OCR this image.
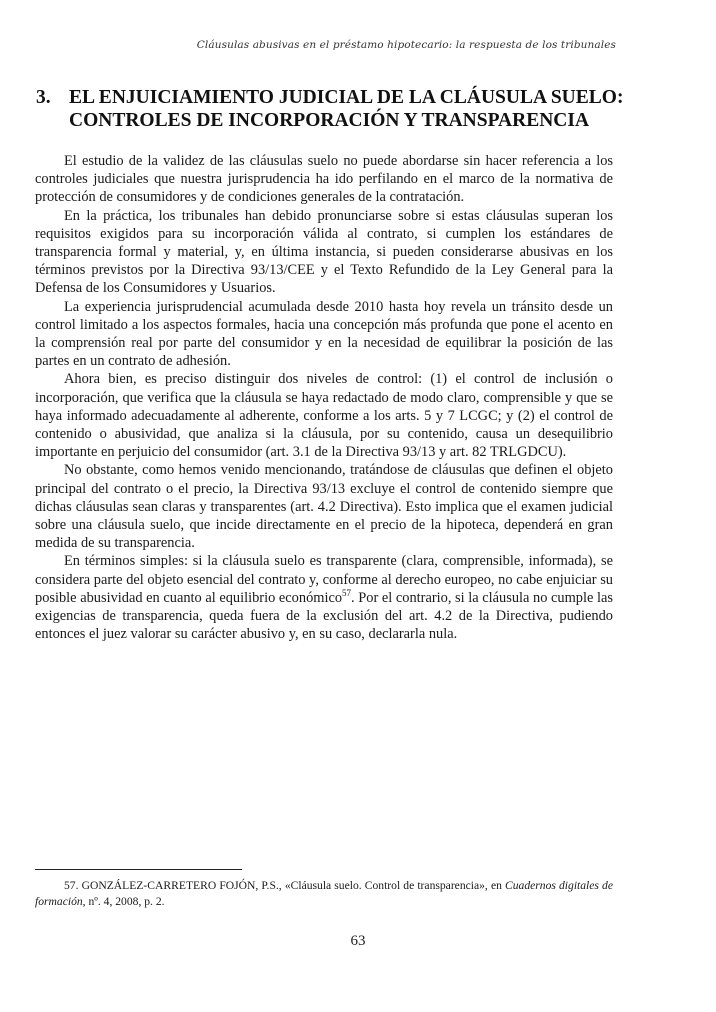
Cláusulas abusivas en el préstamo hipotecario: la respuesta de los tribunales
3. EL ENJUICIAMIENTO JUDICIAL DE LA CLÁUSULA SUELO: CONTROLES DE INCORPORACIÓN Y TRANSPARENCIA

El estudio de la validez de las cláusulas suelo no puede abordarse sin hacer referencia a los controles judiciales que nuestra jurisprudencia ha ido perfilando en el marco de la normativa de protección de consumidores y de condiciones generales de la contratación.

En la práctica, los tribunales han debido pronunciarse sobre si estas cláusulas superan los requisitos exigidos para su incorporación válida al contrato, si cumplen los estándares de transparencia formal y material, y, en última instancia, si pueden considerarse abusivas en los términos previstos por la Directiva 93/13/CEE y el Texto Refundido de la Ley General para la Defensa de los Consumidores y Usuarios.

La experiencia jurisprudencial acumulada desde 2010 hasta hoy revela un tránsito desde un control limitado a los aspectos formales, hacia una concepción más profunda que pone el acento en la comprensión real por parte del consumidor y en la necesidad de equilibrar la posición de las partes en un contrato de adhesión.

Ahora bien, es preciso distinguir dos niveles de control: (1) el control de inclusión o incorporación, que verifica que la cláusula se haya redactado de modo claro, comprensible y que se haya informado adecuadamente al adherente, conforme a los arts. 5 y 7 LCGC; y (2) el control de contenido o abusividad, que analiza si la cláusula, por su contenido, causa un desequilibrio importante en perjuicio del consumidor (art. 3.1 de la Directiva 93/13 y art. 82 TRLGDCU).

No obstante, como hemos venido mencionando, tratándose de cláusulas que definen el objeto principal del contrato o el precio, la Directiva 93/13 excluye el control de contenido siempre que dichas cláusulas sean claras y transparentes (art. 4.2 Directiva). Esto implica que el examen judicial sobre una cláusula suelo, que incide directamente en el precio de la hipoteca, dependerá en gran medida de su transparencia.

En términos simples: si la cláusula suelo es transparente (clara, comprensible, informada), se considera parte del objeto esencial del contrato y, conforme al derecho europeo, no cabe enjuiciar su posible abusividad en cuanto al equilibrio económico$^{57}$. Por el contrario, si la cláusula no cumple las exigencias de transparencia, queda fuera de la exclusión del art. 4.2 de la Directiva, pudiendo entonces el juez valorar su carácter abusivo y, en su caso, declararla nula.

57. GONZÁLEZ-CARRETERO FOJÓN, P.S., «Cláusula suelo. Control de transparencia», en Cuadernos digitales de formación, nº. 4, 2008, p. 2.
63
